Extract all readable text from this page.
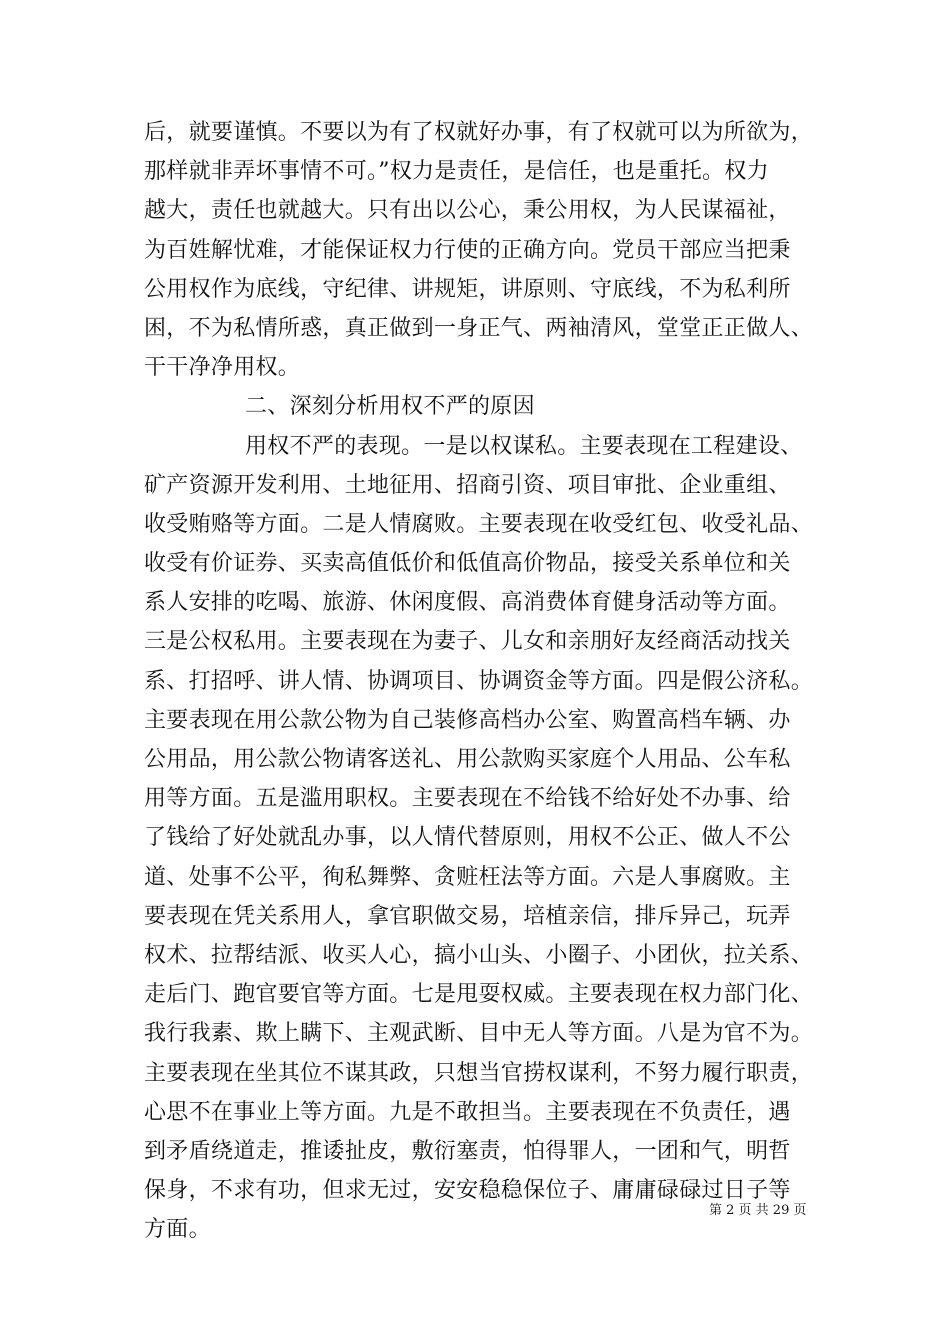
后，就要谨慎。不要以为有了权就好办事，有了权就可以为所欲为，
那样就非弄坏事情不可。”权力是责任，是信任，也是重托。权力
越大，责任也就越大。只有出以公心，秉公用权，为人民谋福祉，
为百姓解忧难，才能保证权力行使的正确方向。党员干部应当把秉
公用权作为底线，守纪律、讲规矩，讲原则、守底线，不为私利所
困，不为私情所惑，真正做到一身正气、两袖清风，堂堂正正做人、
干干净净用权。
二、深刻分析用权不严的原因
用权不严的表现。一是以权谋私。主要表现在工程建设、
矿产资源开发利用、土地征用、招商引资、项目审批、企业重组、
收受贿赂等方面。二是人情腐败。主要表现在收受红包、收受礼品、
收受有价证券、买卖高值低价和低值高价物品，接受关系单位和关
系人安排的吃喝、旅游、休闲度假、高消费体育健身活动等方面。
三是公权私用。主要表现在为妻子、儿女和亲朋好友经商活动找关
系、打招呼、讲人情、协调项目、协调资金等方面。四是假公济私。
主要表现在用公款公物为自己装修高档办公室、购置高档车辆、办
公用品，用公款公物请客送礼、用公款购买家庭个人用品、公车私
用等方面。五是滥用职权。主要表现在不给钱不给好处不办事、给
了钱给了好处就乱办事，以人情代替原则，用权不公正、做人不公
道、处事不公平，徇私舞弊、贪赃枉法等方面。六是人事腐败。主
要表现在凭关系用人，拿官职做交易，培植亲信，排斥异己，玩弄
权术、拉帮结派、收买人心，搞小山头、小圈子、小团伙，拉关系、
走后门、跑官要官等方面。七是甩耍权威。主要表现在权力部门化、
我行我素、欺上瞒下、主观武断、目中无人等方面。八是为官不为。
主要表现在坐其位不谋其政，只想当官捞权谋利，不努力履行职责，
心思不在事业上等方面。九是不敢担当。主要表现在不负责任，遇
到矛盾绕道走，推诿扯皮，敷衍塞责，怕得罪人，一团和气，明哲
保身，不求有功，但求无过，安安稳稳保位子、庸庸碌碌过日子等
方面。
第 2 页 共 29 页
